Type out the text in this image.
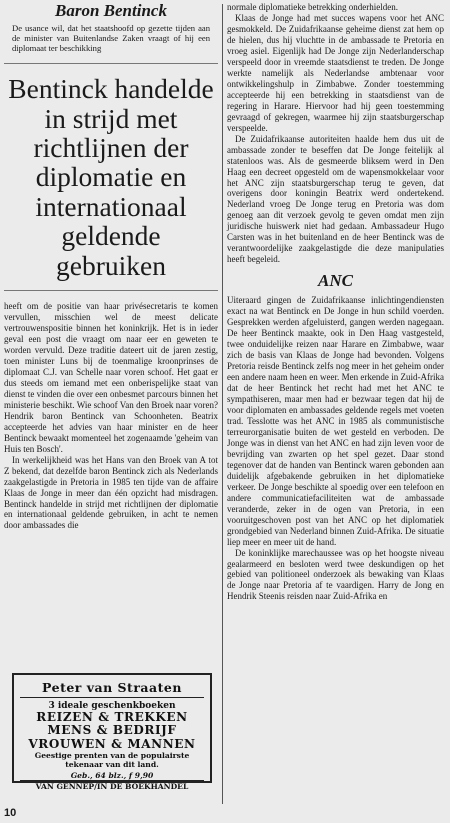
Baron Bentinck

De usance wil, dat het staatshoofd op gezette tijden aan de minister van Buitenlandse Zaken vraagt of hij een diplomaat ter beschikking

Bentinck handelde in strijd met richtlijnen der diplomatie en internationaal geldende gebruiken

heeft om de positie van haar privésecretaris te komen vervullen, misschien wel de meest delicate vertrouwenspositie binnen het koninkrijk. Het is in ieder geval een post die vraagt om naar eer en geweten te worden vervuld. Deze traditie dateert uit de jaren zestig, toen minister Luns bij de toenmalige kroonprinses de diplomaat C.J. van Schelle naar voren schoof. Het gaat er dus steeds om iemand met een onberispelijke staat van dienst te vinden die over een onbesmet parcours binnen het ministerie beschikt. Wie schoof Van den Broek naar voren? Hendrik baron Bentinck van Schoonheten. Beatrix accepteerde het advies van haar minister en de heer Bentinck bewaakt momenteel het zogenaamde 'geheim van Huis ten Bosch'.

In werkelijkheid was het Hans van den Broek van A tot Z bekend, dat dezelfde baron Bentinck zich als Nederlands zaakgelastigde in Pretoria in 1985 ten tijde van de affaire Klaas de Jonge in meer dan één opzicht had misdragen. Bentinck handelde in strijd met richtlijnen der diplomatie en internationaal geldende gebruiken, in acht te nemen door ambassades die

normale diplomatieke betrekking onderhielden.

Klaas de Jonge had met succes wapens voor het ANC gesmokkeld. De Zuidafrikaanse geheime dienst zat hem op de hielen, dus hij vluchtte in de ambassade te Pretoria en vroeg asiel. Eigenlijk had De Jonge zijn Nederlanderschap verspeeld door in vreemde staatsdienst te treden. De Jonge werkte namelijk als Nederlandse ambtenaar voor ontwikkelingshulp in Zimbabwe. Zonder toestemming accepteerde hij een betrekking in staatsdienst van de regering in Harare. Hiervoor had hij geen toestemming gevraagd of gekregen, waarmee hij zijn staatsburgerschap verspeelde.

De Zuidafrikaanse autoriteiten haalde hem dus uit de ambassade zonder te beseffen dat De Jonge feitelijk al statenloos was. Als de gesmeerde bliksem werd in Den Haag een decreet opgesteld om de wapensmokkelaar voor het ANC zijn staatsburgerschap terug te geven, dat overigens door koningin Beatrix werd ondertekend. Nederland vroeg De Jonge terug en Pretoria was dom genoeg aan dit verzoek gevolg te geven omdat men zijn juridische huiswerk niet had gedaan. Ambassadeur Hugo Carsten was in het buitenland en de heer Bentinck was de verantwoordelijke zaakgelastigde die deze manipulaties heeft begeleid.

ANC

Uiteraard gingen de Zuidafrikaanse inlichtingendiensten exact na wat Bentinck en De Jonge in hun schild voerden. Gesprekken werden afgeluisterd, gangen werden nagegaan. De heer Bentinck maakte, ook in Den Haag vastgesteld, twee onduidelijke reizen naar Harare en Zimbabwe, waar zich de basis van Klaas de Jonge had bevonden. Volgens Pretoria reisde Bentinck zelfs nog meer in het geheim onder een andere naam heen en weer. Men erkende in Zuid-Afrika dat de heer Bentinck het recht had met het ANC te sympathiseren, maar men had er bezwaar tegen dat hij de voor diplomaten en ambassades geldende regels met voeten trad. Tesslotte was het ANC in 1985 als communistische terreurorganisatie buiten de wet gesteld en verboden. De Jonge was in dienst van het ANC en had zijn leven voor de bevrijding van zwarten op het spel gezet. Daar stond tegenover dat de handen van Bentinck waren gebonden aan duidelijk afgebakende gebruiken in het diplomatieke verkeer. De Jonge beschikte al spoedig over een telefoon en andere communicatiefaciliteiten wat de ambassade veranderde, zeker in de ogen van Pretoria, in een vooruitgeschoven post van het ANC op het diplomatiek grondgebied van Nederland binnen Zuid-Afrika. De situatie liep meer en meer uit de hand.

De koninklijke marechaussee was op het hoogste niveau gealarmeerd en besloten werd twee deskundigen op het gebied van politioneel onderzoek als bewaking van Klaas de Jonge naar Pretoria af te vaardigen. Harry de Jong en Hendrik Steenis reisden naar Zuid-Afrika en

Peter van Straaten

3 ideale geschenkboeken

REIZEN & TREKKEN

MENS & BEDRIJF

VROUWEN & MANNEN

Geestige prenten van de populairste tekenaar van dit land.

Geb., 64 blz., f 9,90

VAN GENNEP/IN DE BOEKHANDEL

10
